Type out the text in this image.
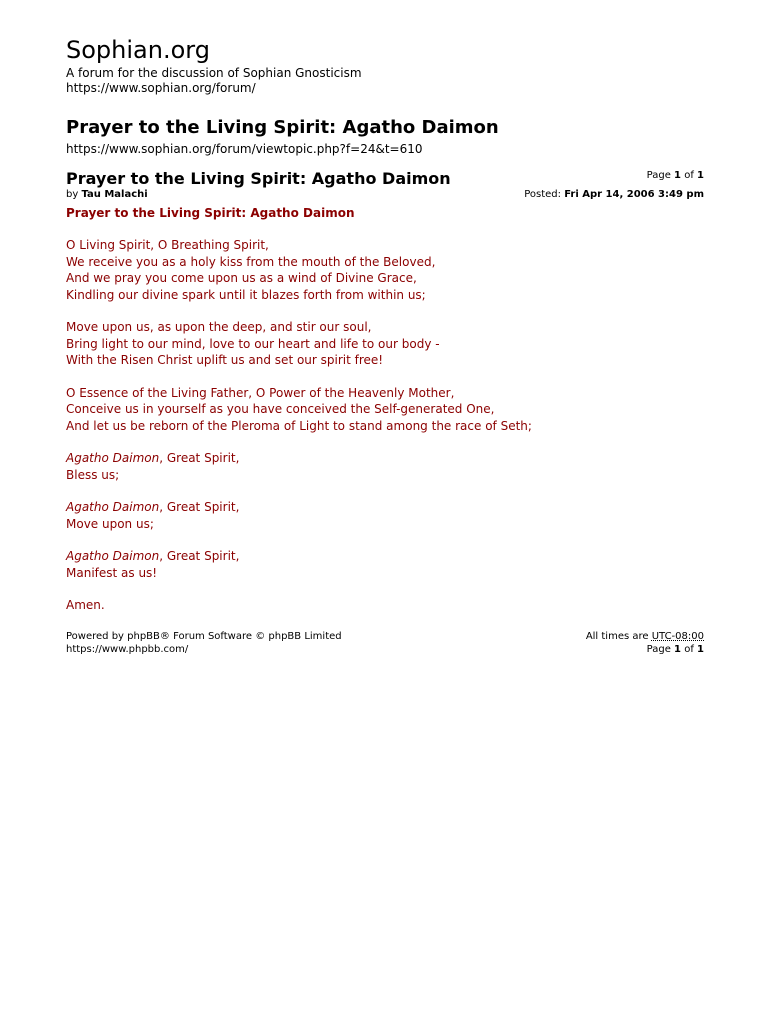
Sophian.org

A forum for the discussion of Sophian Gnosticism

https://www.sophian.org/forum/

Prayer to the Living Spirit: Agatho Daimon

https://www.sophian.org/forum/viewtopic.php?f=24&t=610

Prayer to the Living Spirit: Agatho Daimon
by Tau Malachi
Page 1 of 1
Posted: Fri Apr 14, 2006 3:49 pm

Prayer to the Living Spirit: Agatho Daimon

O Living Spirit, O Breathing Spirit,

We receive you as a holy kiss from the mouth of the Beloved,

And we pray you come upon us as a wind of Divine Grace,

Kindling our divine spark until it blazes forth from within us;

Move upon us, as upon the deep, and stir our soul,

Bring light to our mind, love to our heart and life to our body -

With the Risen Christ uplift us and set our spirit free!

O Essence of the Living Father, O Power of the Heavenly Mother,

Conceive us in yourself as you have conceived the Self-generated One,

And let us be reborn of the Pleroma of Light to stand among the race of Seth;

Agatho Daimon, Great Spirit,

Bless us;

Agatho Daimon, Great Spirit,

Move upon us;

Agatho Daimon, Great Spirit,

Manifest as us!

Amen.

Powered by phpBB® Forum Software © phpBB Limited
https://www.phpbb.com/
All times are UTC-08:00
Page 1 of 1
